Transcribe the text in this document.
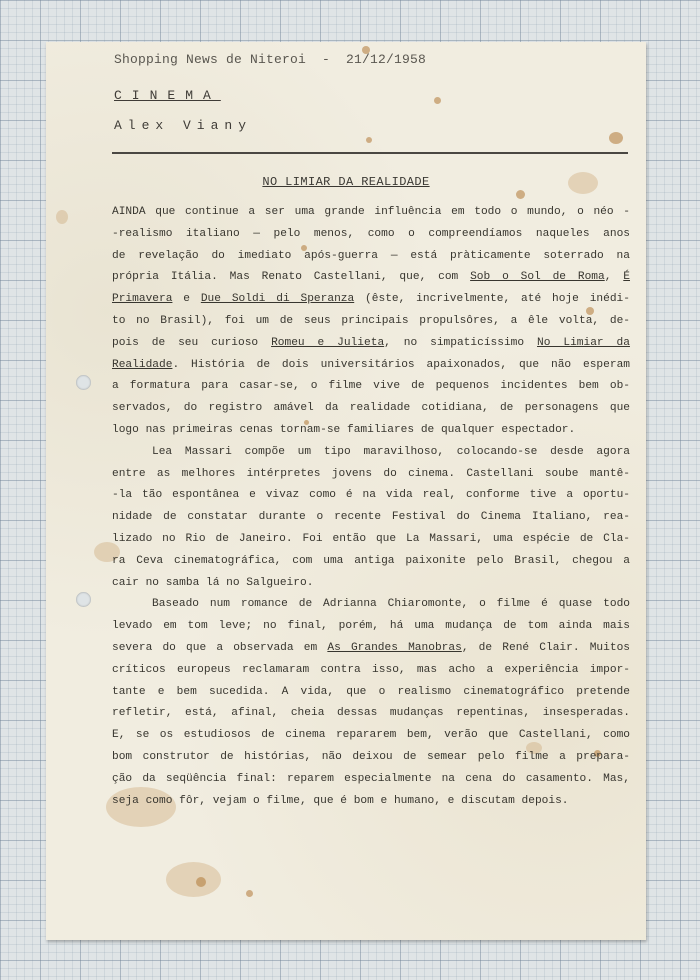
Shopping News de Niteroi  -  21/12/1958
CINEMA
Alex Viany
NO LIMIAR DA REALIDADE
AINDA que continue a ser uma grande influência em todo o mundo, o néo -
-realismo italiano — pelo menos, como o compreendíamos naqueles anos
de revelação do imediato após-guerra — está pràticamente soterrado na
própria Itália. Mas Renato Castellani, que, com Sob o Sol de Roma, É
Primavera e Due Soldi di Speranza (êste, incrivelmente, até hoje inédi-
to no Brasil), foi um de seus principais propulsôres, a êle volta, de-
pois de seu curioso Romeu e Julieta, no simpaticíssimo No Limiar da
Realidade. História de dois universitários apaixonados, que não esperam
a formatura para casar-se, o filme vive de pequenos incidentes bem ob-
servados, do registro amável da realidade cotidiana, de personagens que
logo nas primeiras cenas tornam-se familiares de qualquer espectador.
Lea Massari compõe um tipo maravilhoso, colocando-se desde agora
entre as melhores intérpretes jovens do cinema. Castellani soube mantê-
-la tão espontânea e vivaz como é na vida real, conforme tive a oportu-
nidade de constatar durante o recente Festival do Cinema Italiano, rea-
lizado no Rio de Janeiro. Foi então que La Massari, uma espécie de Cla-
ra Ceva cinematográfica, com uma antiga paixonite pelo Brasil, chegou a
cair no samba lá no Salgueiro.
Baseado num romance de Adrianna Chiaromonte, o filme é quase todo
levado em tom leve; no final, porém, há uma mudança de tom ainda mais
severa do que a observada em As Grandes Manobras, de René Clair. Muitos
críticos europeus reclamaram contra isso, mas acho a experiência impor-
tante e bem sucedida. A vida, que o realismo cinematográfico pretende
refletir, está, afinal, cheia dessas mudanças repentinas, insesperadas.
E, se os estudiosos de cinema repararem bem, verão que Castellani, como
bom construtor de histórias, não deixou de semear pelo filme a prepara-
ção da seqüência final: reparem especialmente na cena do casamento. Mas,
seja como fôr, vejam o filme, que é bom e humano, e discutam depois.
